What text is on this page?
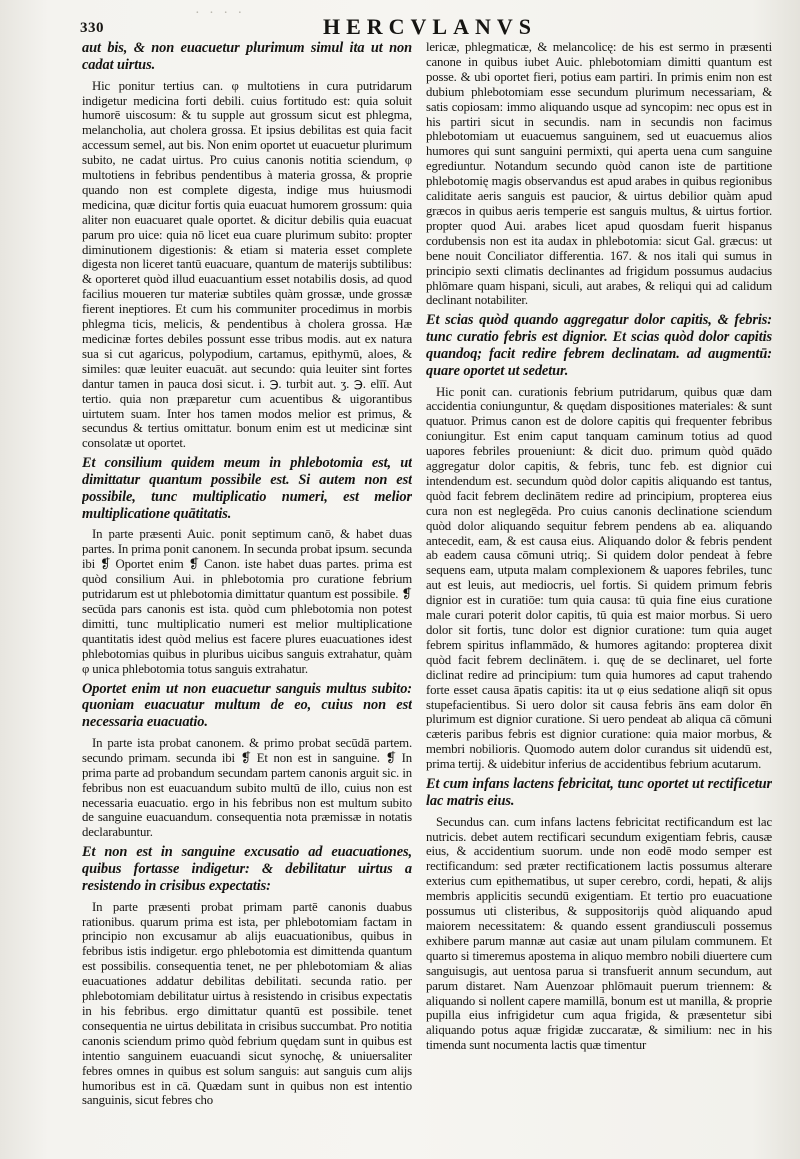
· · · ·
330	HERCVLANVS

aut bis, & non euacuetur plurimum simul ita ut non cadat uirtus.

Hic ponitur tertius can. φ multotiens in cura putridarum indigetur medicina forti debili. cuius fortitudo est: quia soluit humorē uiscosum: & tu supple aut grossum sicut est phlegma, melancholia, aut cholera grossa. Et ipsius debilitas est quia facit accessum semel, aut bis. Non enim oportet ut euacuetur plurimum subito, ne cadat uirtus. Pro cuius canonis notitia sciendum, φ multotiens in febribus pendentibus à materia grossa, & proprie quando non est complete digesta, indige mus huiusmodi medicina, quæ dicitur fortis quia euacuat humorem grossum: quia aliter non euacuaret quale oportet. & dicitur debilis quia euacuat parum pro uice: quia nō licet eua cuare plurimum subito: propter diminutionem digestionis: & etiam si materia esset complete digesta non liceret tantū euacuare, quantum de materijs subtilibus: & oporteret quòd illud euacuantium esset notabilis dosis, ad quod facilius moueren tur materiæ subtiles quàm grossæ, unde grossæ fierent ineptiores. Et cum his communiter procedimus in morbis phlegma ticis, melicis, & pendentibus à cholera grossa. Hæ medicinæ fortes debiles possunt esse tribus modis. aut ex natura sua si cut agaricus, polypodium, cartamus, epithymū, aloes, & similes: quæ leuiter euacuāt. aut secundo: quia leuiter sint fortes dantur tamen in pauca dosi sicut. i. ℈. turbit aut. ʒ. ℈. elīī. Aut tertio. quia non præparetur cum acuentibus & uigorantibus uirtutem suam. Inter hos tamen modos melior est primus, & secundus & tertius omittatur. bonum enim est ut medicinæ sint consolatæ ut oportet.

Et consilium quidem meum in phlebotomia est, ut dimittatur quantum possibile est. Si autem non est possibile, tunc multiplicatio numeri, est melior multiplicatione quātitatis.

In parte præsenti Auic. ponit septimum canō, & habet duas partes. In prima ponit canonem. In secunda probat ipsum. secunda ibi ❡ Oportet enim ❡ Canon. iste habet duas partes. prima est quòd consilium Aui. in phlebotomia pro curatione febrium putridarum est ut phlebotomia dimittatur quantum est possibile. ❡ secūda pars canonis est ista. quòd cum phlebotomia non potest dimitti, tunc multiplicatio numeri est melior multiplicatione quantitatis idest quòd melius est facere plures euacuationes idest phlebotomias quibus in pluribus uicibus sanguis extrahatur, quàm φ unica phlebotomia totus sanguis extrahatur.

Oportet enim ut non euacuetur sanguis multus subito: quoniam euacuatur multum de eo, cuius non est necessaria euacuatio.

In parte ista probat canonem. & primo probat secūdā partem. secundo primam. secunda ibi ❡ Et non est in sanguine. ❡ In prima parte ad probandum secundam partem canonis arguit sic. in febribus non est euacuandum subito multū de illo, cuius non est necessaria euacuatio. ergo in his febribus non est multum subito de sanguine euacuandum. consequentia nota præmissæ in notatis declarabuntur.

Et non est in sanguine excusatio ad euacuationes, quibus fortasse indigetur: & debilitatur uirtus a resistendo in crisibus expectatis:

In parte præsenti probat primam partē canonis duabus rationibus. quarum prima est ista, per phlebotomiam factam in principio non excusamur ab alijs euacuationibus, quibus in febribus istis indigetur. ergo phlebotomia est dimittenda quantum est possibilis. consequentia tenet, ne per phlebotomiam & alias euacuationes addatur debilitas debilitati. secunda ratio. per phlebotomiam debilitatur uirtus à resistendo in crisibus expectatis in his febribus. ergo dimittatur quantū est possibile. tenet consequentia ne uirtus debilitata in crisibus succumbat. Pro notitia canonis sciendum primo quòd febrium quędam sunt in quibus est intentio sanguinem euacuandi sicut synochę, & uniuersaliter febres omnes in quibus est solum sanguis: aut sanguis cum alijs humoribus est in cā. Quædam sunt in quibus non est intentio sanguinis, sicut febres cho

lericæ, phlegmaticæ, & melancolicę: de his est sermo in præsenti canone in quibus iubet Auic. phlebotomiam dimitti quantum est posse. & ubi oportet fieri, potius eam partiri. In primis enim non est dubium phlebotomiam esse secundum plurimum necessariam, & satis copiosam: immo aliquando usque ad syncopim: nec opus est in his partiri sicut in secundis. nam in secundis non facimus phlebotomiam ut euacuemus sanguinem, sed ut euacuemus alios humores qui sunt sanguini permixti, qui aperta uena cum sanguine egrediuntur. Notandum secundo quòd canon iste de partitione phlebotomię magis observandus est apud arabes in quibus regionibus caliditate aeris sanguis est paucior, & uirtus debilior quàm apud græcos in quibus aeris temperie est sanguis multus, & uirtus fortior. propter quod Aui. arabes licet apud quosdam fuerit hispanus cordubensis non est ita audax in phlebotomia: sicut Gal. græcus: ut bene nouit Conciliator differentia. 167. & nos itali qui sumus in principio sexti climatis declinantes ad frigidum possumus audacius phlōmare quam hispani, siculi, aut arabes, & reliqui qui ad calidum declinant notabiliter.

Et scias quòd quando aggregatur dolor capitis, & febris: tunc curatio febris est dignior. Et scias quòd dolor capitis quandoq; facit redire febrem declinatam. ad augmentū: quare oportet ut sedetur.

Hic ponit can. curationis febrium putridarum, quibus quæ dam accidentia coniunguntur, & quędam dispositiones materiales: & sunt quatuor. Primus canon est de dolore capitis qui frequenter febribus coniungitur. Est enim caput tanquam caminum totius ad quod uapores febriles proueniunt: & dicit duo. primum quòd quādo aggregatur dolor capitis, & febris, tunc feb. est dignior cui intendendum est. secundum quòd dolor capitis aliquando est tantus, quòd facit febrem declinātem redire ad principium, propterea eius cura non est neglegēda. Pro cuius canonis declinatione sciendum quòd dolor aliquando sequitur febrem pendens ab ea. aliquando antecedit, eam, & est causa eius. Aliquando dolor & febris pendent ab eadem causa cōmuni utriq;. Si quidem dolor pendeat à febre sequens eam, utputa malam complexionem & uapores febriles, tunc aut est leuis, aut mediocris, uel fortis. Si quidem primum febris dignior est in curatiōe: tum quia causa: tū quia fine eius curatione male curari poterit dolor capitis, tū quia est maior morbus. Si uero dolor sit fortis, tunc dolor est dignior curatione: tum quia auget febrem spiritus inflammādo, & humores agitando: propterea dixit quòd facit febrem declinātem. i. quę de se declinaret, uel forte diclinat redire ad principium: tum quia humores ad caput trahendo forte esset causa āpatis capitis: ita ut φ eius sedatione aliqn̄ sit opus stupefacientibus. Si uero dolor sit causa febris āns eam dolor ē̄n plurimum est dignior curatione. Si uero pendeat ab aliqua cā cōmuni cæteris paribus febris est dignior curatione: quia maior morbus, & membri nobilioris. Quomodo autem dolor curandus sit uidendū est, prima tertij. & uidebitur inferius de accidentibus febrium acutarum.

Et cum infans lactens febricitat, tunc oportet ut rectificetur lac matris eius.

Secundus can. cum infans lactens febricitat rectificandum est lac nutricis. debet autem rectificari secundum exigentiam febris, causæ eius, & accidentium suorum. unde non eodē modo semper est rectificandum: sed præter rectificationem lactis possumus alterare exterius cum epithematibus, ut super cerebro, cordi, hepati, & alijs membris applicitis secundū exigentiam. Et tertio pro euacuatione possumus uti clisteribus, & suppositorijs quòd aliquando apud maiorem necessitatem: & quando essent grandiusculi possemus exhibere parum mannæ aut casiæ aut unam pilulam communem. Et quarto si timeremus apostema in aliquo membro nobili diuertere cum sanguisugis, aut uentosa parua si transfuerit annum secundum, aut parum distaret. Nam Auenzoar phlōmauit puerum triennem: & aliquando si nollent capere mamillā, bonum est ut manilla, & proprie pupilla eius infrigidetur cum aqua frigida, & præsentetur sibi aliquando potus aquæ frigidæ zuccaratæ, & similium: nec in his timenda sunt nocumenta lactis quæ timentur
